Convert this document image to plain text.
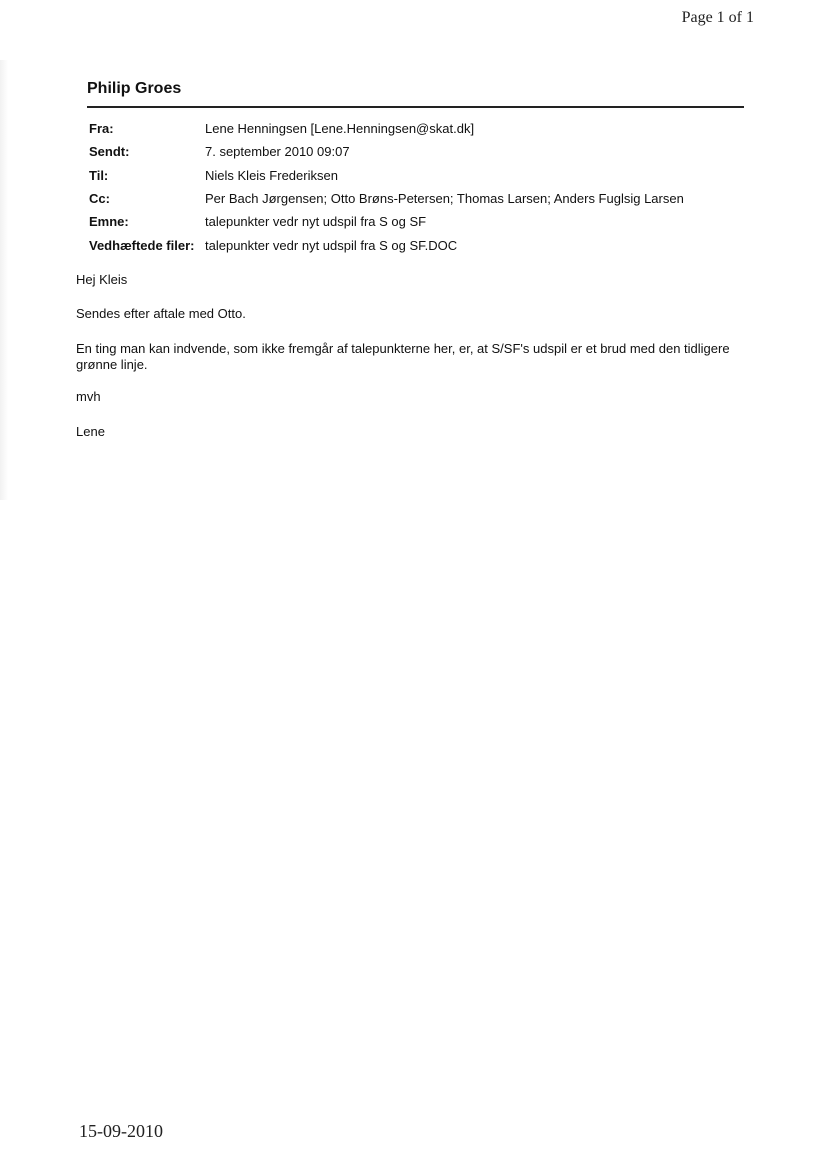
Page 1 of 1
Philip Groes
Fra:	Lene Henningsen [Lene.Henningsen@skat.dk]
Sendt:	7. september 2010 09:07
Til:	Niels Kleis Frederiksen
Cc:	Per Bach Jørgensen; Otto Brøns-Petersen; Thomas Larsen; Anders Fuglsig Larsen
Emne:	talepunkter vedr nyt udspil fra S og SF
Vedhæftede filer:	talepunkter vedr nyt udspil fra S og SF.DOC

Hej Kleis

Sendes efter aftale med Otto.

En ting man kan indvende, som ikke fremgår af talepunkterne her, er, at S/SF's udspil er et brud med den tidligere grønne linje.

mvh

Lene

15-09-2010
